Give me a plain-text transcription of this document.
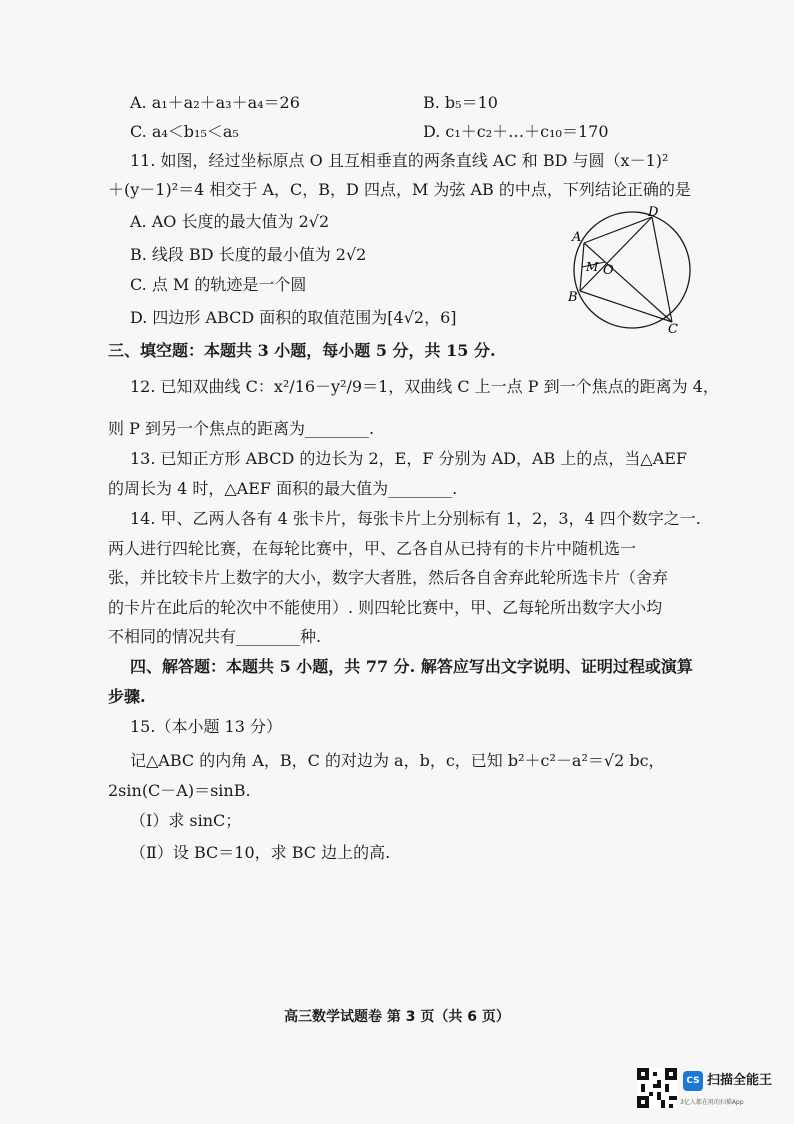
A. a₁＋a₂＋a₃＋a₄＝26	B. b₅＝10
C. a₄＜b₁₅＜a₅	D. c₁＋c₂＋…＋c₁₀＝170
11. 如图，经过坐标原点 O 且互相垂直的两条直线 AC 和 BD 与圆（x－1)²
＋(y－1)²＝4 相交于 A，C，B，D 四点，M 为弦 AB 的中点，下列结论正确的是
A. AO 长度的最大值为 2√2
B. 线段 BD 长度的最小值为 2√2
C. 点 M 的轨迹是一个圆
D. 四边形 ABCD 面积的取值范围为[4√2，6]
A
B
C
D
M O
三、填空题：本题共 3 小题，每小题 5 分，共 15 分.
12. 已知双曲线 C：x²/16－y²/9＝1，双曲线 C 上一点 P 到一个焦点的距离为 4，
则 P 到另一个焦点的距离为________.
13. 已知正方形 ABCD 的边长为 2，E，F 分别为 AD，AB 上的点，当△AEF
的周长为 4 时，△AEF 面积的最大值为________.
14. 甲、乙两人各有 4 张卡片，每张卡片上分别标有 1，2，3，4 四个数字之一.
两人进行四轮比赛，在每轮比赛中，甲、乙各自从已持有的卡片中随机选一
张，并比较卡片上数字的大小，数字大者胜，然后各自舍弃此轮所选卡片（舍弃
的卡片在此后的轮次中不能使用）. 则四轮比赛中，甲、乙每轮所出数字大小均
不相同的情况共有________种.
四、解答题：本题共 5 小题，共 77 分. 解答应写出文字说明、证明过程或演算
步骤.
15.（本小题 13 分）
记△ABC 的内角 A，B，C 的对边为 a，b，c，已知 b²＋c²－a²＝√2 bc，
2sin(C－A)＝sinB.
（Ⅰ）求 sinC；
（Ⅱ）设 BC＝10，求 BC 边上的高.
高三数学试题卷 第 3 页（共 6 页）
CS 扫描全能王
3亿人都在用的扫描App
